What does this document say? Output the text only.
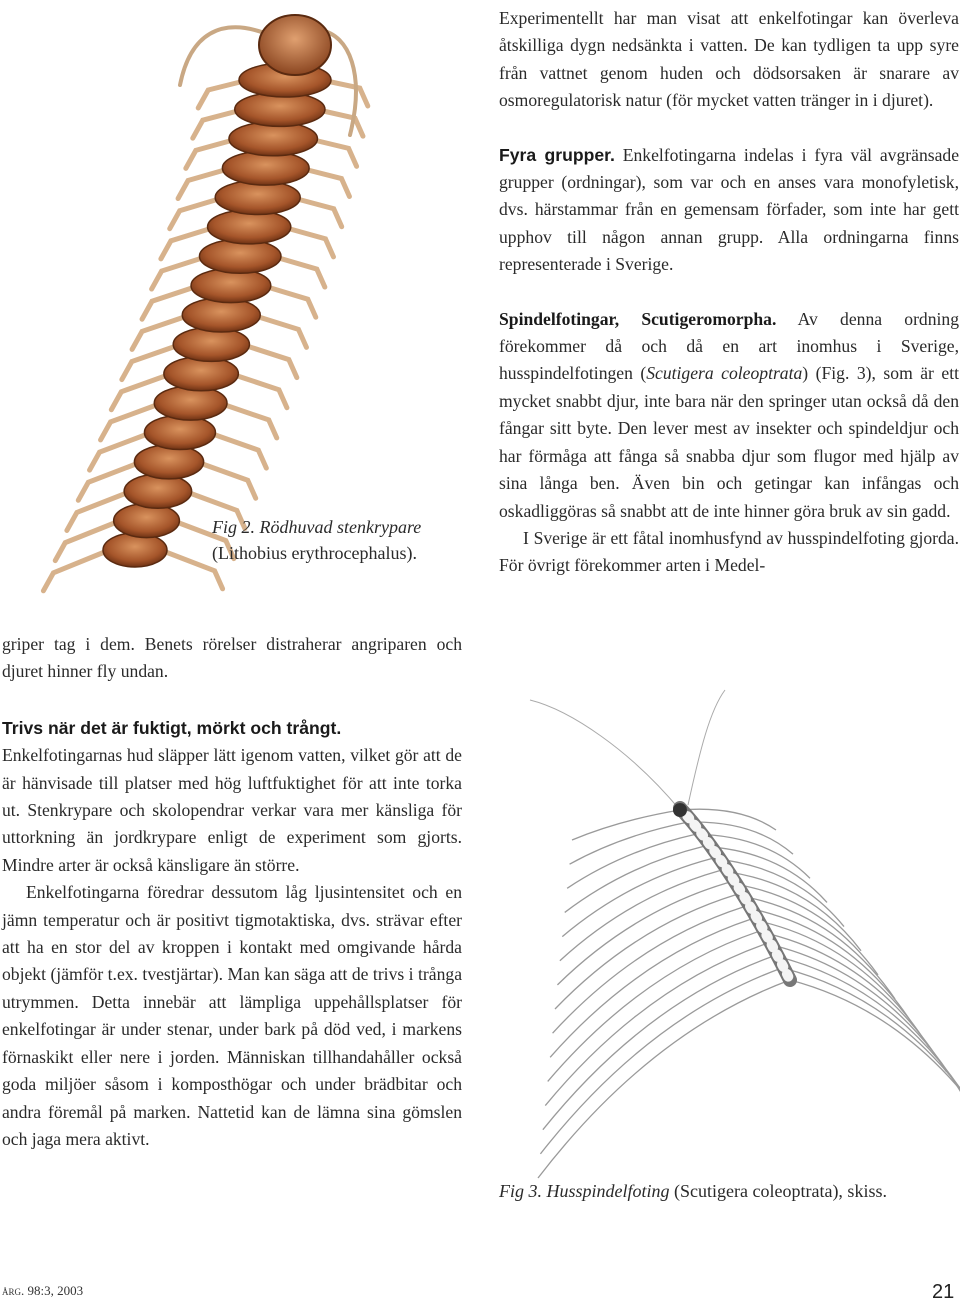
Experimentellt har man visat att enkelfotingar kan överleva åtskilliga dygn nedsänkta i vatten. De kan tydligen ta upp syre från vattnet genom huden och dödsorsaken är snarare av osmoregulatorisk natur (för mycket vatten tränger in i djuret).

Fyra grupper. Enkelfotingarna indelas i fyra väl avgränsade grupper (ordningar), som var och en anses vara monofyletisk, dvs. härstammar från en gemensam förfader, som inte har gett upphov till någon annan grupp. Alla ordningarna finns representerade i Sverige.

Spindelfotingar, Scutigeromorpha. Av denna ordning förekommer då och då en art inomhus i Sverige, husspindelfotingen (Scutigera coleoptrata) (Fig. 3), som är ett mycket snabbt djur, inte bara när den springer utan också då den fångar sitt byte. Den lever mest av insekter och spindeldjur och har förmåga att fånga så snabba djur som flugor med hjälp av sina långa ben. Även bin och getingar kan infångas och oskadliggöras så snabbt att de inte hinner göra bruk av sin gadd.

I Sverige är ett fåtal inomhusfynd av husspindelfoting gjorda. För övrigt förekommer arten i Medel-

Fig 2. Rödhuvad stenkrypare
(Lithobius erythrocephalus).

griper tag i dem. Benets rörelser distraherar angriparen och djuret hinner fly undan.

Trivs när det är fuktigt, mörkt och trångt.

Enkelfotingarnas hud släpper lätt igenom vatten, vilket gör att de är hänvisade till platser med hög luftfuktighet för att inte torka ut. Stenkrypare och skolopendrar verkar vara mer känsliga för uttorkning än jordkrypare enligt de experiment som gjorts. Mindre arter är också känsligare än större.

Enkelfotingarna föredrar dessutom låg ljusintensitet och en jämn temperatur och är positivt tigmotaktiska, dvs. strävar efter att ha en stor del av kroppen i kontakt med omgivande hårda objekt (jämför t.ex. tvestjärtar). Man kan säga att de trivs i trånga utrymmen. Detta innebär att lämpliga uppehållsplatser för enkelfotingar är under stenar, under bark på död ved, i markens förnaskikt eller nere i jorden. Människan tillhandahåller också goda miljöer såsom i komposthögar och under brädbitar och andra föremål på marken. Nattetid kan de lämna sina gömslen och jaga mera aktivt.

Fig 3. Husspindelfoting (Scutigera coleoptrata), skiss.
årg. 98:3, 2003	21
